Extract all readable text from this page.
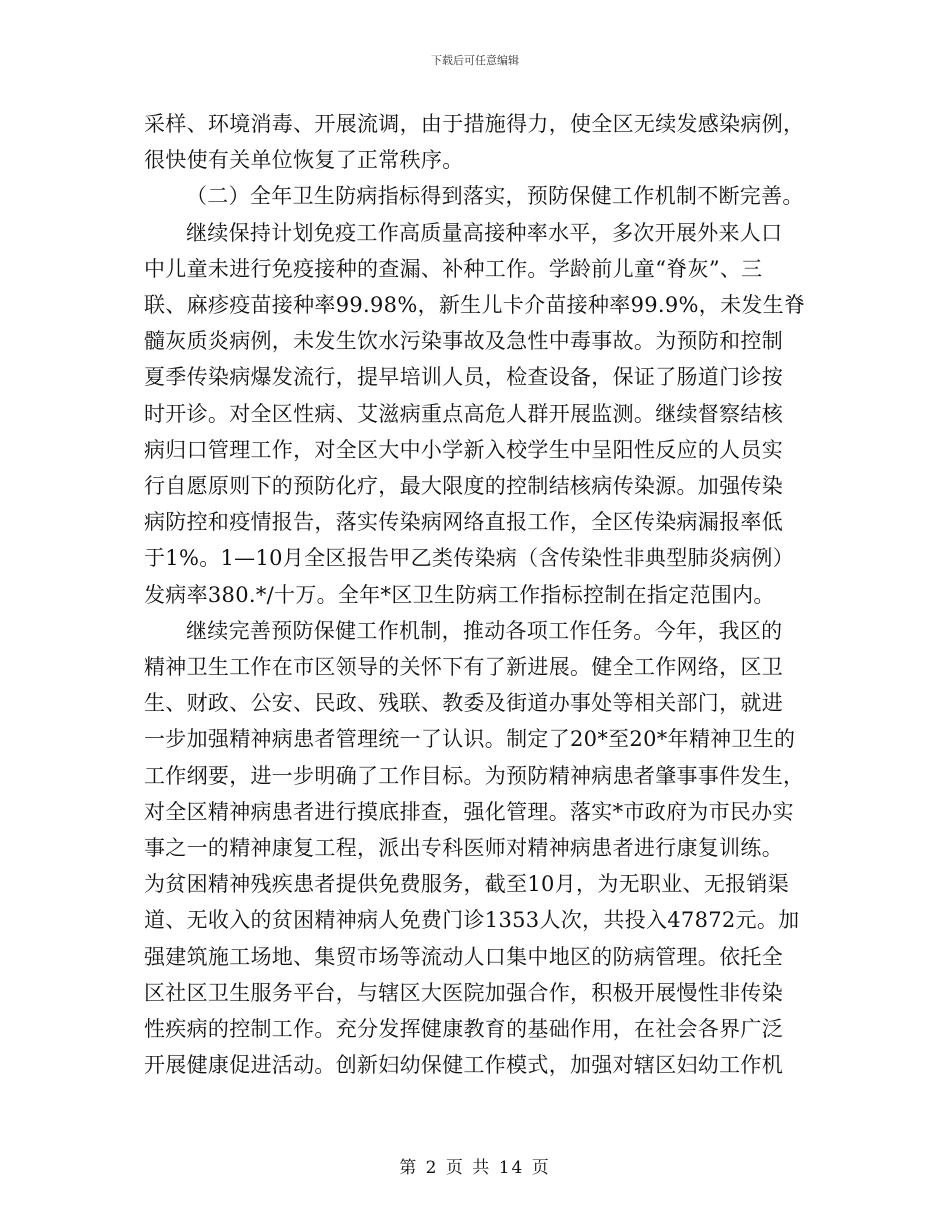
下载后可任意编辑
采样、环境消毒、开展流调，由于措施得力，使全区无续发感染病例，
很快使有关单位恢复了正常秩序。
（二）全年卫生防病指标得到落实，预防保健工作机制不断完善。
继续保持计划免疫工作高质量高接种率水平，多次开展外来人口
中儿童未进行免疫接种的查漏、补种工作。学龄前儿童“脊灰”、三
联、麻疹疫苗接种率99.98%，新生儿卡介苗接种率99.9%，未发生脊
髓灰质炎病例，未发生饮水污染事故及急性中毒事故。为预防和控制
夏季传染病爆发流行，提早培训人员，检查设备，保证了肠道门诊按
时开诊。对全区性病、艾滋病重点高危人群开展监测。继续督察结核
病归口管理工作，对全区大中小学新入校学生中呈阳性反应的人员实
行自愿原则下的预防化疗，最大限度的控制结核病传染源。加强传染
病防控和疫情报告，落实传染病网络直报工作，全区传染病漏报率低
于1%。1—10月全区报告甲乙类传染病（含传染性非典型肺炎病例）
发病率380.*/十万。全年*区卫生防病工作指标控制在指定范围内。
继续完善预防保健工作机制，推动各项工作任务。今年，我区的
精神卫生工作在市区领导的关怀下有了新进展。健全工作网络，区卫
生、财政、公安、民政、残联、教委及街道办事处等相关部门，就进
一步加强精神病患者管理统一了认识。制定了20*至20*年精神卫生的
工作纲要，进一步明确了工作目标。为预防精神病患者肇事事件发生，
对全区精神病患者进行摸底排查，强化管理。落实*市政府为市民办实
事之一的精神康复工程，派出专科医师对精神病患者进行康复训练。
为贫困精神残疾患者提供免费服务，截至10月，为无职业、无报销渠
道、无收入的贫困精神病人免费门诊1353人次，共投入47872元。加
强建筑施工场地、集贸市场等流动人口集中地区的防病管理。依托全
区社区卫生服务平台，与辖区大医院加强合作，积极开展慢性非传染
性疾病的控制工作。充分发挥健康教育的基础作用，在社会各界广泛
开展健康促进活动。创新妇幼保健工作模式，加强对辖区妇幼工作机
第 2 页 共 14 页
